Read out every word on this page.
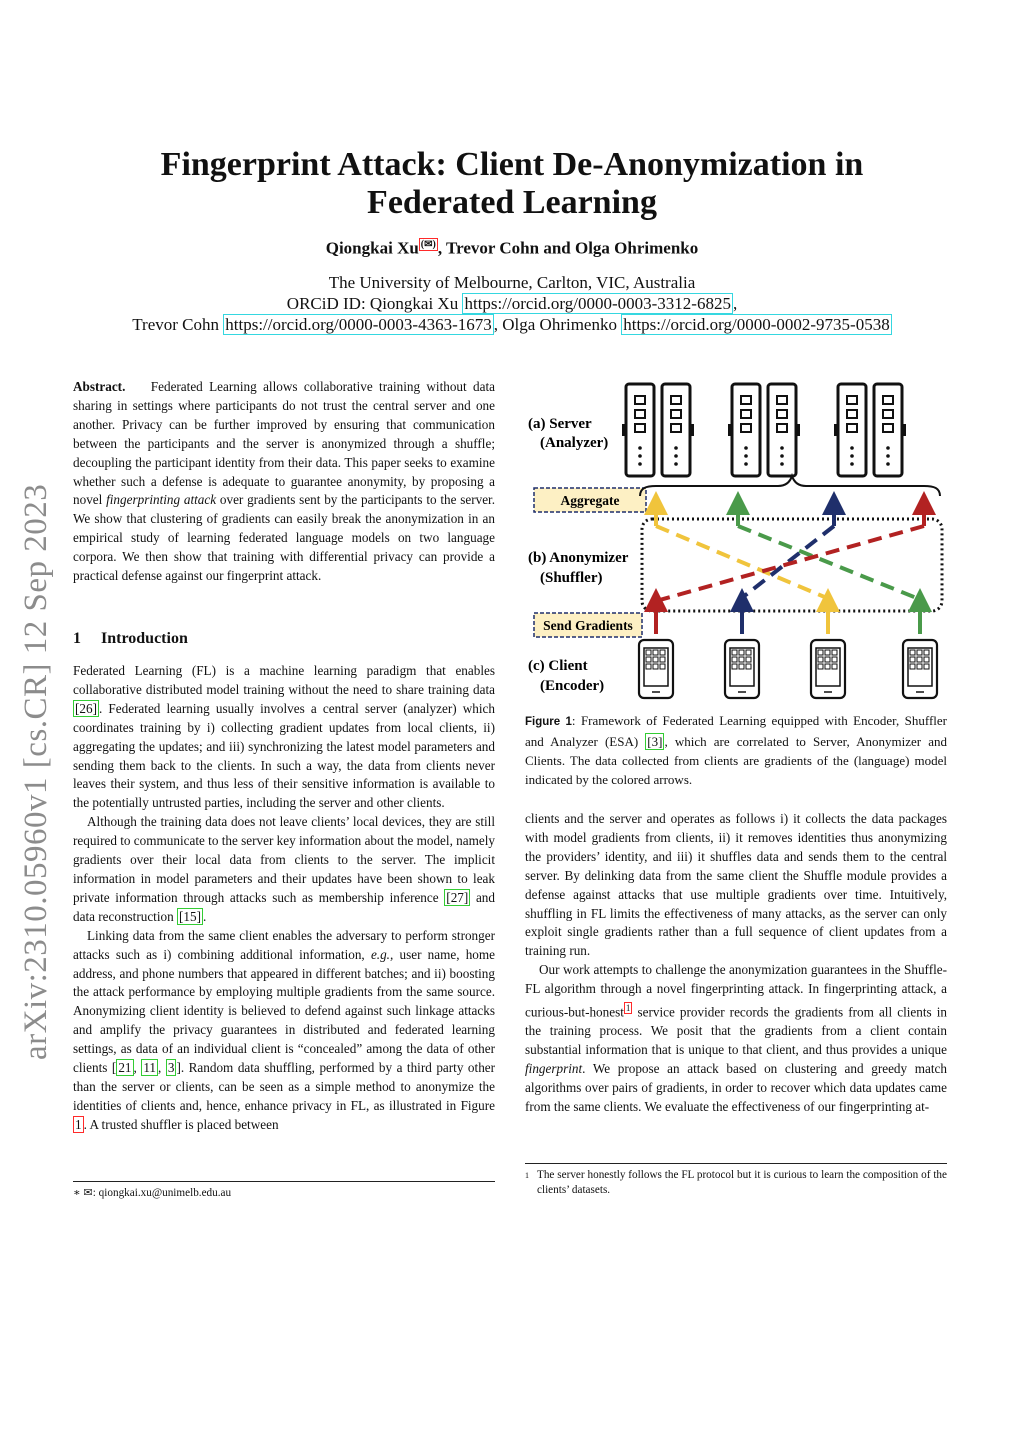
Fingerprint Attack: Client De-Anonymization in
Federated Learning
Qiongkai Xu (✉) , Trevor Cohn and Olga Ohrimenko
The University of Melbourne, Carlton, VIC, Australia
ORCiD ID: Qiongkai Xu https://orcid.org/0000-0003-3312-6825 ,
Trevor Cohn https://orcid.org/0000-0003-4363-1673 , Olga Ohrimenko https://orcid.org/0000-0002-9735-0538
arXiv:2310.05960v1 [cs.CR] 12 Sep 2023

Abstract. Federated Learning allows collaborative training without data sharing in settings where participants do not trust the central server and one another. Privacy can be further improved by ensuring that communication between the participants and the server is anonymized through a shuffle; decoupling the participant identity from their data. This paper seeks to examine whether such a defense is adequate to guarantee anonymity, by proposing a novel fingerprinting attack over gradients sent by the participants to the server. We show that clustering of gradients can easily break the anonymization in an empirical study of learning federated language models on two language corpora. We then show that training with differential privacy can provide a practical defense against our fingerprint attack.

1 Introduction

Federated Learning (FL) is a machine learning paradigm that enables collaborative distributed model training without the need to share training data [26] . Federated learning usually involves a central server (analyzer) which coordinates training by i) collecting gradient updates from local clients, ii) aggregating the updates; and iii) synchronizing the latest model parameters and sending them back to the clients. In such a way, the data from clients never leaves their system, and thus less of their sensitive information is available to the potentially untrusted parties, including the server and other clients.

Although the training data does not leave clients’ local devices, they are still required to communicate to the server key information about the model, namely gradients over their local data from clients to the server. The implicit information in model parameters and their updates have been shown to leak private information through attacks such as membership inference [27] and data reconstruction [15] .

Linking data from the same client enables the adversary to perform stronger attacks such as i) combining additional information, e.g., user name, home address, and phone numbers that appeared in different batches; and ii) boosting the attack performance by employing multiple gradients from the same source. Anonymizing client identity is believed to defend against such linkage attacks and amplify the privacy guarantees in distributed and federated learning settings, as data of an individual client is “concealed” among the data of other clients [ 21 , 11 , 3 ]. Random data shuffling, performed by a third party other than the server or clients, can be seen as a simple method to anonymize the identities of clients and, hence, enhance privacy in FL, as illustrated in Figure 1 . A trusted shuffler is placed between

∗ ✉: qiongkai.xu@unimelb.edu.au
(a) Server
(Analyzer)
(b) Anonymizer
(Shuffler)
(c) Client
(Encoder)
Aggregate
Send Gradients
Figure 1: Framework of Federated Learning equipped with Encoder, Shuffler and Analyzer (ESA) [3] , which are correlated to Server, Anonymizer and Clients. The data collected from clients are gradients of the (language) model indicated by the colored arrows.

clients and the server and operates as follows i) it collects the data packages with model gradients from clients, ii) it removes identities thus anonymizing the providers’ identity, and iii) it shuffles data and sends them to the central server. By delinking data from the same client the Shuffle module provides a defense against attacks that use multiple gradients over time. Intuitively, shuffling in FL limits the effectiveness of many attacks, as the server can only exploit single gradients rather than a full sequence of client updates from a training run.

Our work attempts to challenge the anonymization guarantees in the Shuffle-FL algorithm through a novel fingerprinting attack. In fingerprinting attack, a curious-but-honest $^1$ service provider records the gradients from all clients in the training process. We posit that the gradients from a client contain substantial information that is unique to that client, and thus provides a unique fingerprint. We propose an attack based on clustering and greedy match algorithms over pairs of gradients, in order to recover which data updates came from the same clients. We evaluate the effectiveness of our fingerprinting at-

1 The server honestly follows the FL protocol but it is curious to learn the composition of the clients’ datasets.
